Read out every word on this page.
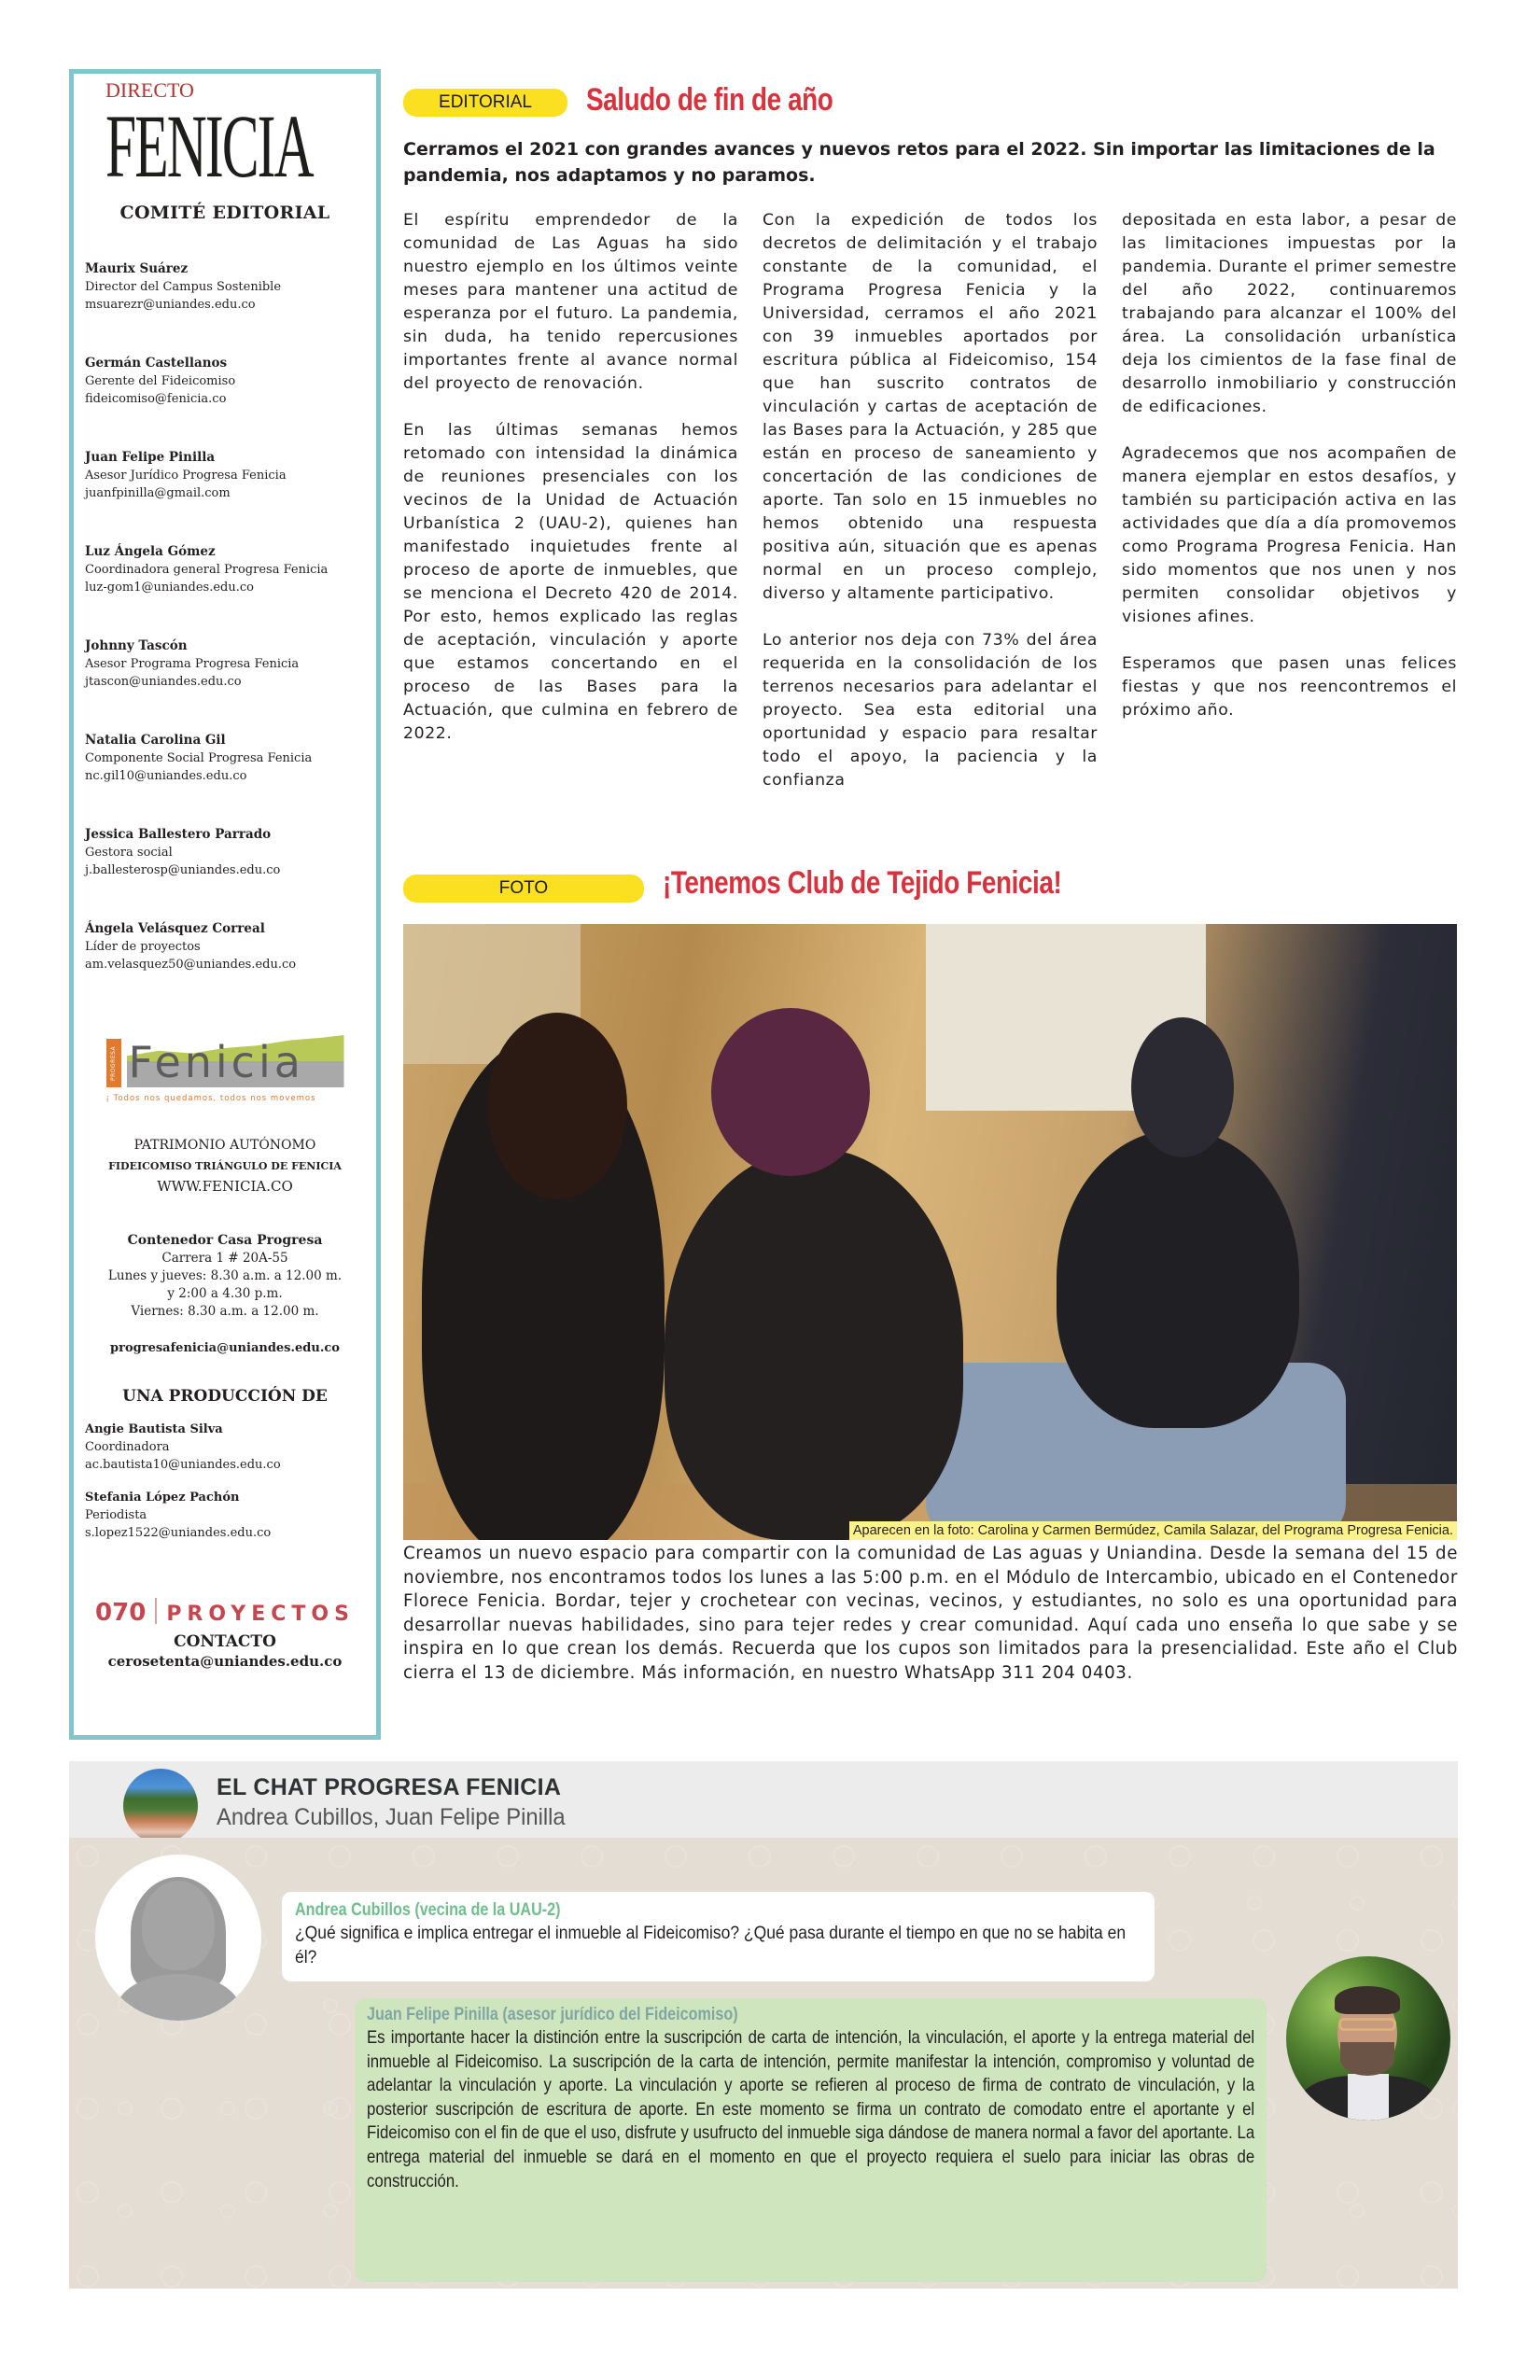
DIRECTO
FENICIA
COMITÉ EDITORIAL
Maurix Suárez
Director del Campus Sostenible
msuarezr@uniandes.edu.co
Germán Castellanos
Gerente del Fideicomiso
fideicomiso@fenicia.co
Juan Felipe Pinilla
Asesor Jurídico Progresa Fenicia
juanfpinilla@gmail.com
Luz Ángela Gómez
Coordinadora general Progresa Fenicia
luz-gom1@uniandes.edu.co
Johnny Tascón
Asesor Programa Progresa Fenicia
jtascon@uniandes.edu.co
Natalia Carolina Gil
Componente Social Progresa Fenicia
nc.gil10@uniandes.edu.co
Jessica Ballestero Parrado
Gestora social
j.ballesterosp@uniandes.edu.co
Ángela Velásquez Correal
Líder de proyectos
am.velasquez50@uniandes.edu.co
PROGRESA Fenicia
¡ Todos nos quedamos, todos nos movemos
PATRIMONIO AUTÓNOMO
FIDEICOMISO TRIÁNGULO DE FENICIA
WWW.FENICIA.CO
Contenedor Casa Progresa
Carrera 1 # 20A-55
Lunes y jueves: 8.30 a.m. a 12.00 m.
y 2:00 a 4.30 p.m.
Viernes: 8.30 a.m. a 12.00 m.
progresafenicia@uniandes.edu.co
UNA PRODUCCIÓN DE
Angie Bautista Silva
Coordinadora
ac.bautista10@uniandes.edu.co
Stefania López Pachón
Periodista
s.lopez1522@uniandes.edu.co
070 PROYECTOS
CONTACTO
cerosetenta@uniandes.edu.co
EDITORIAL	Saludo de fin de año

Cerramos el 2021 con grandes avances y nuevos retos para el 2022. Sin importar las limitaciones de la pandemia, nos adaptamos y no paramos.

El espíritu emprendedor de la comunidad de Las Aguas ha sido nuestro ejemplo en los últimos veinte meses para mantener una actitud de esperanza por el futuro. La pandemia, sin duda, ha tenido repercusiones importantes frente al avance normal del proyecto de renovación.

En las últimas semanas hemos retomado con intensidad la dinámica de reuniones presenciales con los vecinos de la Unidad de Actuación Urbanística 2 (UAU-2), quienes han manifestado inquietudes frente al proceso de aporte de inmuebles, que se menciona el Decreto 420 de 2014. Por esto, hemos explicado las reglas de aceptación, vinculación y aporte que estamos concertando en el proceso de las Bases para la Actuación, que culmina en febrero de 2022.

Con la expedición de todos los decretos de delimitación y el trabajo constante de la comunidad, el Programa Progresa Fenicia y la Universidad, cerramos el año 2021 con 39 inmuebles aportados por escritura pública al Fideicomiso, 154 que han suscrito contratos de vinculación y cartas de aceptación de las Bases para la Actuación, y 285 que están en proceso de saneamiento y concertación de las condiciones de aporte. Tan solo en 15 inmuebles no hemos obtenido una respuesta positiva aún, situación que es apenas normal en un proceso complejo, diverso y altamente participativo.

Lo anterior nos deja con 73% del área requerida en la consolidación de los terrenos necesarios para adelantar el proyecto. Sea esta editorial una oportunidad y espacio para resaltar todo el apoyo, la paciencia y la confianza

depositada en esta labor, a pesar de las limitaciones impuestas por la pandemia. Durante el primer semestre del año 2022, continuaremos trabajando para alcanzar el 100% del área. La consolidación urbanística deja los cimientos de la fase final de desarrollo inmobiliario y construcción de edificaciones.

Agradecemos que nos acompañen de manera ejemplar en estos desafíos, y también su participación activa en las actividades que día a día promovemos como Programa Progresa Fenicia. Han sido momentos que nos unen y nos permiten consolidar objetivos y visiones afines.

Esperamos que pasen unas felices fiestas y que nos reencontremos el próximo año.

FOTO	¡Tenemos Club de Tejido Fenicia!
Aparecen en la foto: Carolina y Carmen Bermúdez, Camila Salazar, del Programa Progresa Fenicia.

Creamos un nuevo espacio para compartir con la comunidad de Las aguas y Uniandina. Desde la semana del 15 de noviembre, nos encontramos todos los lunes a las 5:00 p.m. en el Módulo de Intercambio, ubicado en el Contenedor Florece Fenicia. Bordar, tejer y crochetear con vecinas, vecinos, y estudiantes, no solo es una oportunidad para desarrollar nuevas habilidades, sino para tejer redes y crear comunidad. Aquí cada uno enseña lo que sabe y se inspira en lo que crean los demás. Recuerda que los cupos son limitados para la presencialidad. Este año el Club cierra el 13 de diciembre. Más información, en nuestro WhatsApp 311 204 0403.

EL CHAT PROGRESA FENICIA
Andrea Cubillos, Juan Felipe Pinilla
Andrea Cubillos (vecina de la UAU-2)
¿Qué significa e implica entregar el inmueble al Fideicomiso? ¿Qué pasa durante el tiempo en que no se habita en él?
Juan Felipe Pinilla (asesor jurídico del Fideicomiso)
Es importante hacer la distinción entre la suscripción de carta de intención, la vinculación, el aporte y la entrega material del inmueble al Fideicomiso. La suscripción de la carta de intención, permite manifestar la intención, compromiso y voluntad de adelantar la vinculación y aporte. La vinculación y aporte se refieren al proceso de firma de contrato de vinculación, y la posterior suscripción de escritura de aporte. En este momento se firma un contrato de comodato entre el aportante y el Fideicomiso con el fin de que el uso, disfrute y usufructo del inmueble siga dándose de manera normal a favor del aportante. La entrega material del inmueble se dará en el momento en que el proyecto requiera el suelo para iniciar las obras de construcción.
